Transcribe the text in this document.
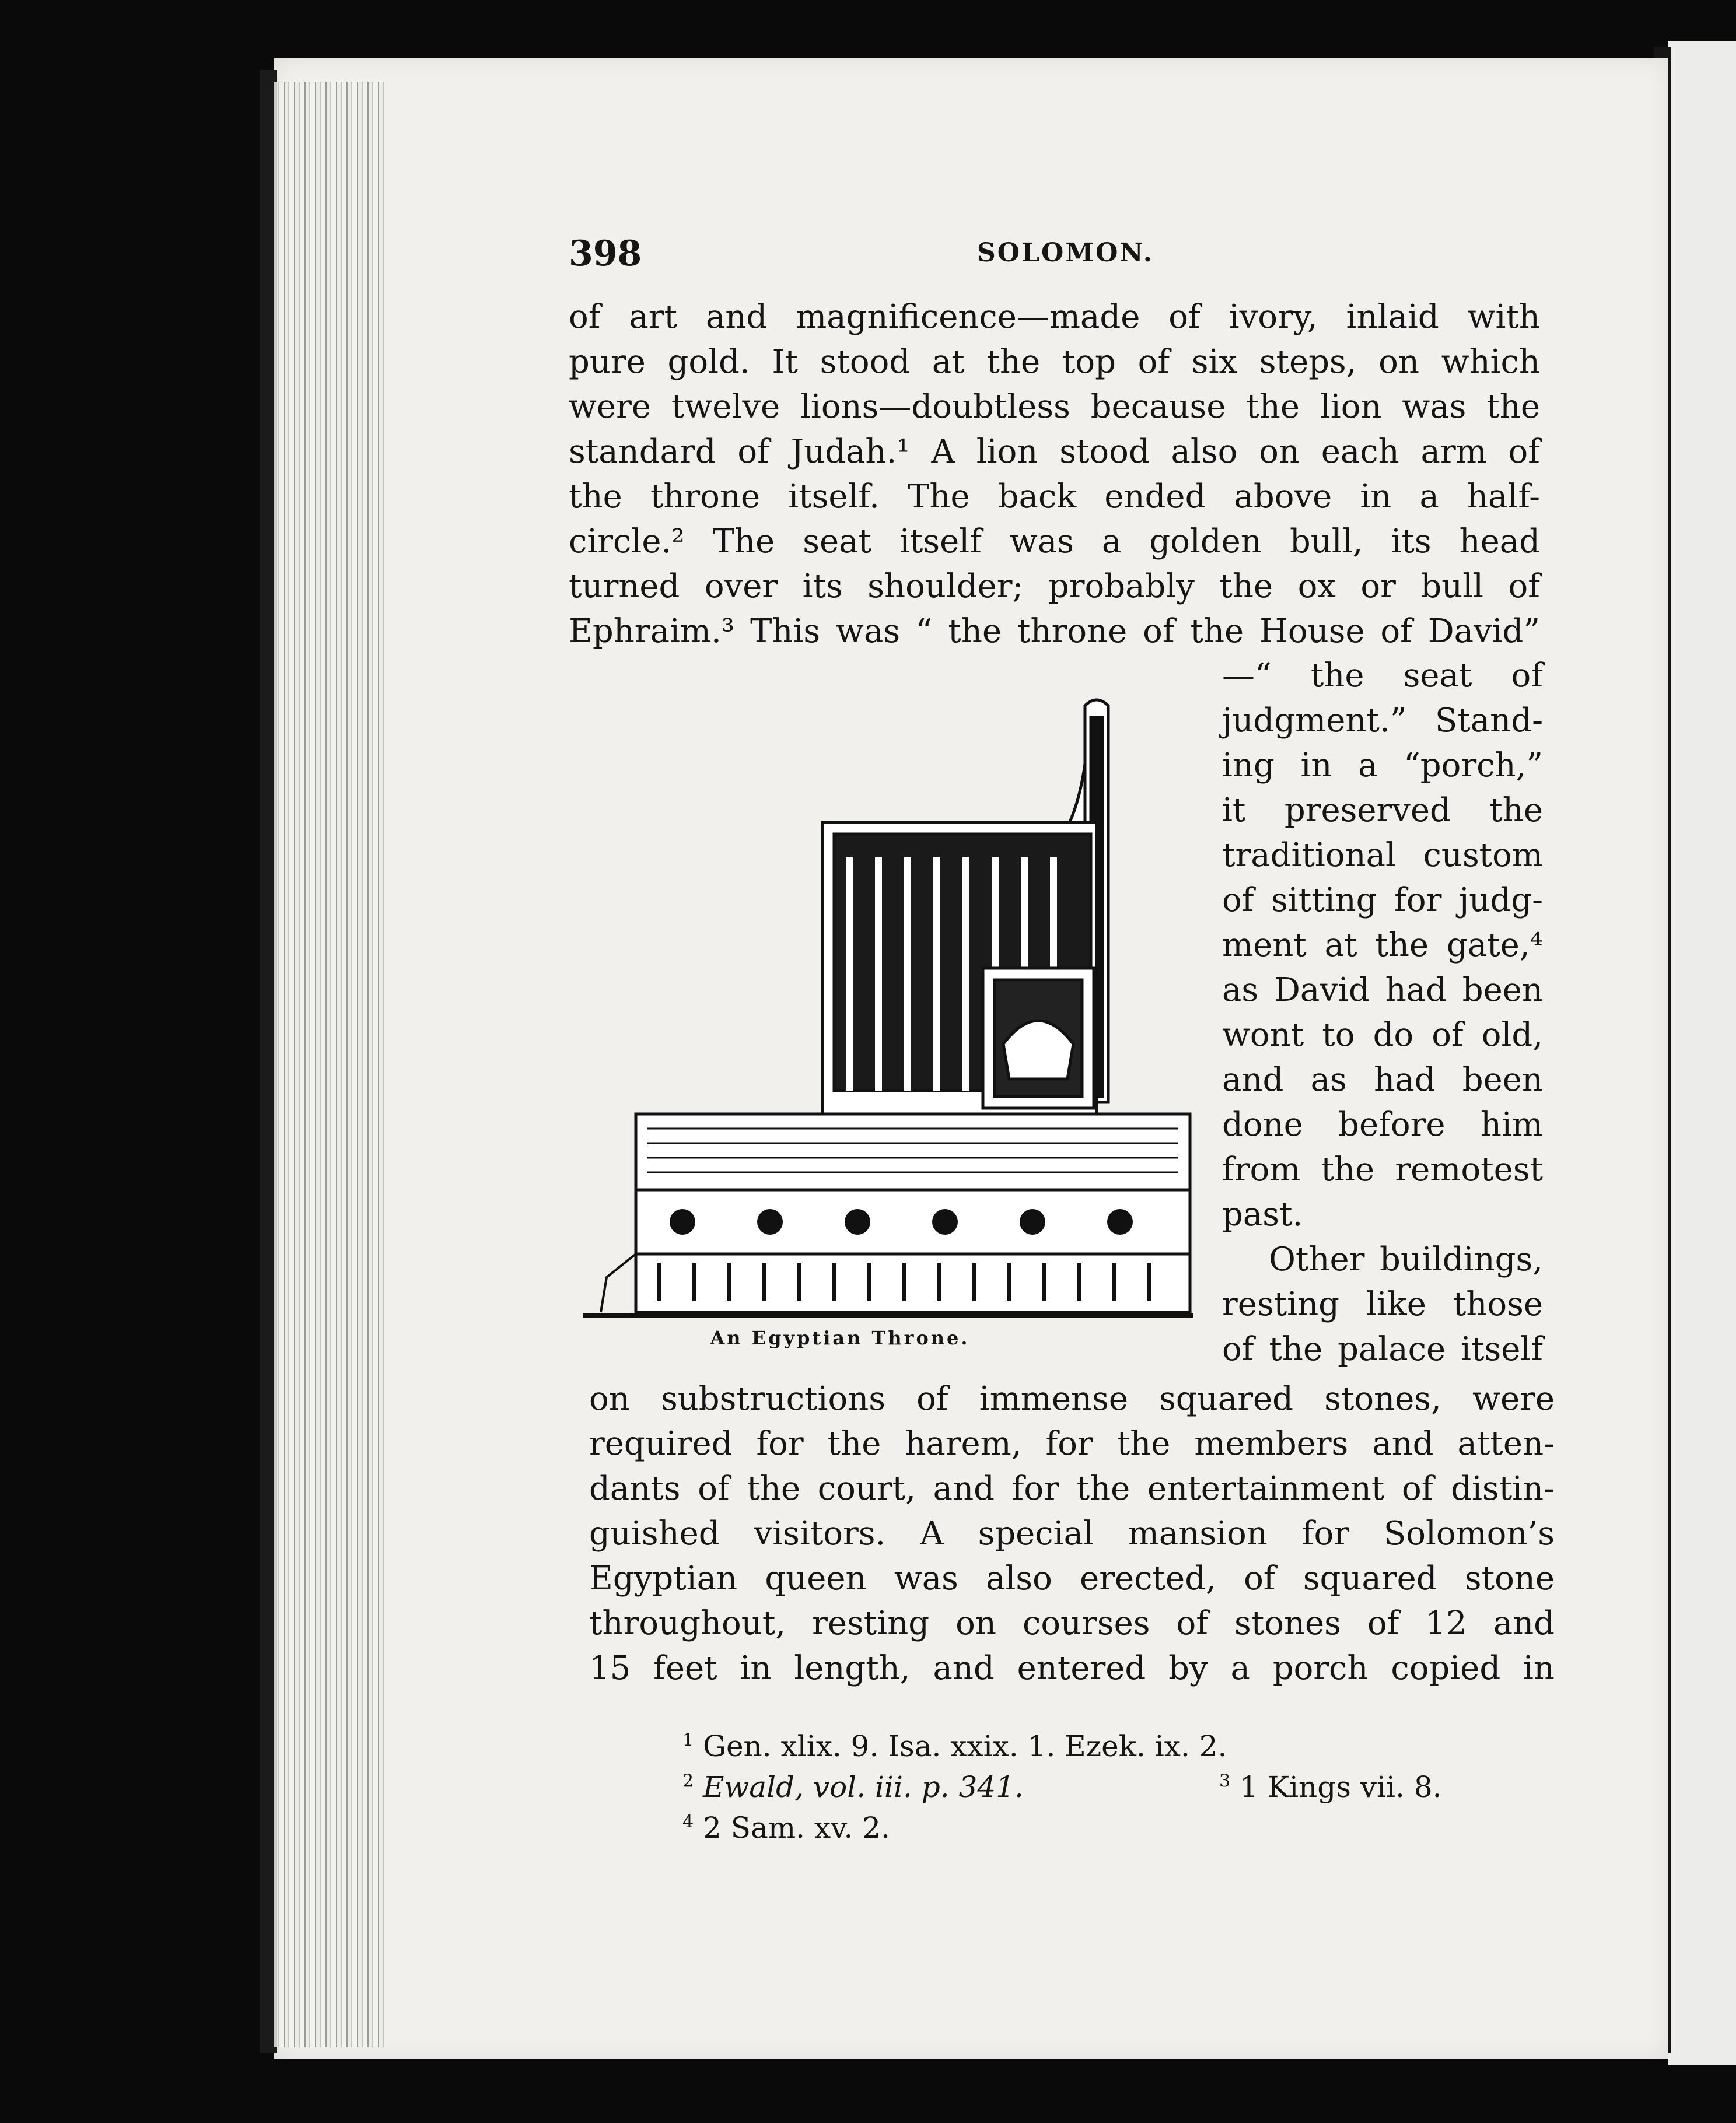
398	SOLOMON.
of art and magnificence—made of ivory, inlaid with
pure gold. It stood at the top of six steps, on which
were twelve lions—doubtless because the lion was the
standard of Judah.¹ A lion stood also on each arm of
the throne itself. The back ended above in a half-
circle.² The seat itself was a golden bull, its head
turned over its shoulder; probably the ox or bull of
Ephraim.³ This was “ the throne of the House of David”
An Egyptian Throne.
—“ the seat of
judgment.” Stand-
ing in a “porch,”
it preserved the
traditional custom
of sitting for judg-
ment at the gate,⁴
as David had been
wont to do of old,
and as had been
done before him
from the remotest
past.
Other buildings,
resting like those
of the palace itself
on substructions of immense squared stones, were
required for the harem, for the members and atten-
dants of the court, and for the entertainment of distin-
guished visitors. A special mansion for Solomon’s
Egyptian queen was also erected, of squared stone
throughout, resting on courses of stones of 12 and
15 feet in length, and entered by a porch copied in
$^1$ Gen. xlix. 9. Isa. xxix. 1. Ezek. ix. 2.
$^2$ Ewald, vol. iii. p. 341.	$^3$ 1 Kings vii. 8.
$^4$ 2 Sam. xv. 2.
